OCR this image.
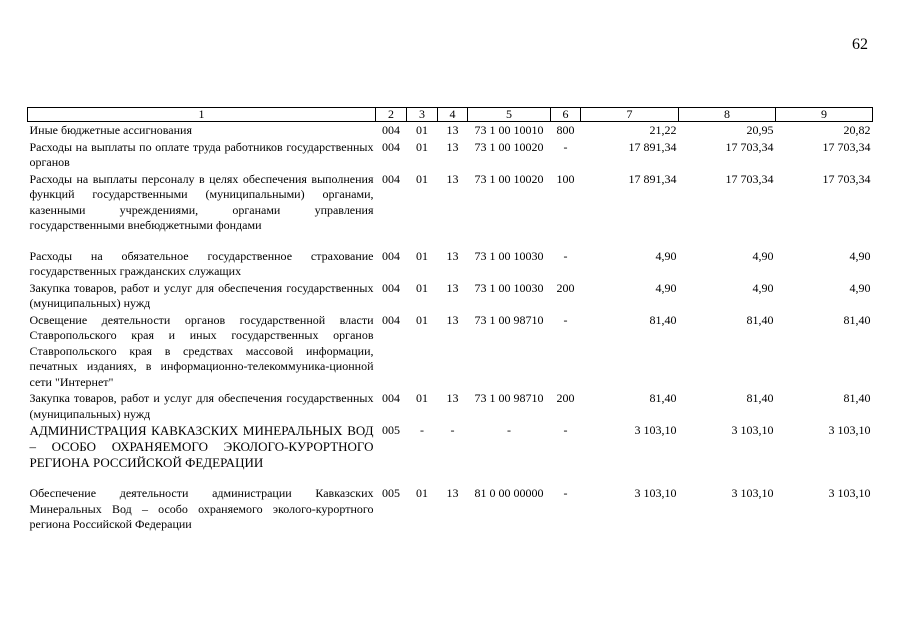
62
1	2	3	4	5	6	7	8	9
Иные бюджетные ассигнования	004	01	13	73 1 00 10010	800	21,22	20,95	20,82
Расходы на выплаты по оплате труда работников государственных органов	004	01	13	73 1 00 10020	-	17 891,34	17 703,34	17 703,34
Расходы на выплаты персоналу в целях обеспечения выполнения функций государственными (муниципальными) органами, казенными учреждениями, органами управления государственными внебюджетными фондами	004	01	13	73 1 00 10020	100	17 891,34	17 703,34	17 703,34
Расходы на обязательное государственное страхование государственных гражданских служащих	004	01	13	73 1 00 10030	-	4,90	4,90	4,90
Закупка товаров, работ и услуг для обеспечения государственных (муниципальных) нужд	004	01	13	73 1 00 10030	200	4,90	4,90	4,90
Освещение деятельности органов государственной власти Ставропольского края и иных государственных органов Ставропольского края в средствах массовой информации, печатных изданиях, в информационно-телекоммуника-ционной сети "Интернет"	004	01	13	73 1 00 98710	-	81,40	81,40	81,40
Закупка товаров, работ и услуг для обеспечения государственных (муниципальных) нужд	004	01	13	73 1 00 98710	200	81,40	81,40	81,40
АДМИНИСТРАЦИЯ КАВКАЗСКИХ МИНЕРАЛЬНЫХ ВОД – ОСОБО ОХРАНЯЕМОГО ЭКОЛОГО-КУРОРТНОГО РЕГИОНА РОССИЙСКОЙ ФЕДЕРАЦИИ	005	-	-	-	-	3 103,10	3 103,10	3 103,10
Обеспечение деятельности администрации Кавказских Минеральных Вод – особо охраняемого эколого-курортного региона Российской Федерации	005	01	13	81 0 00 00000	-	3 103,10	3 103,10	3 103,10
